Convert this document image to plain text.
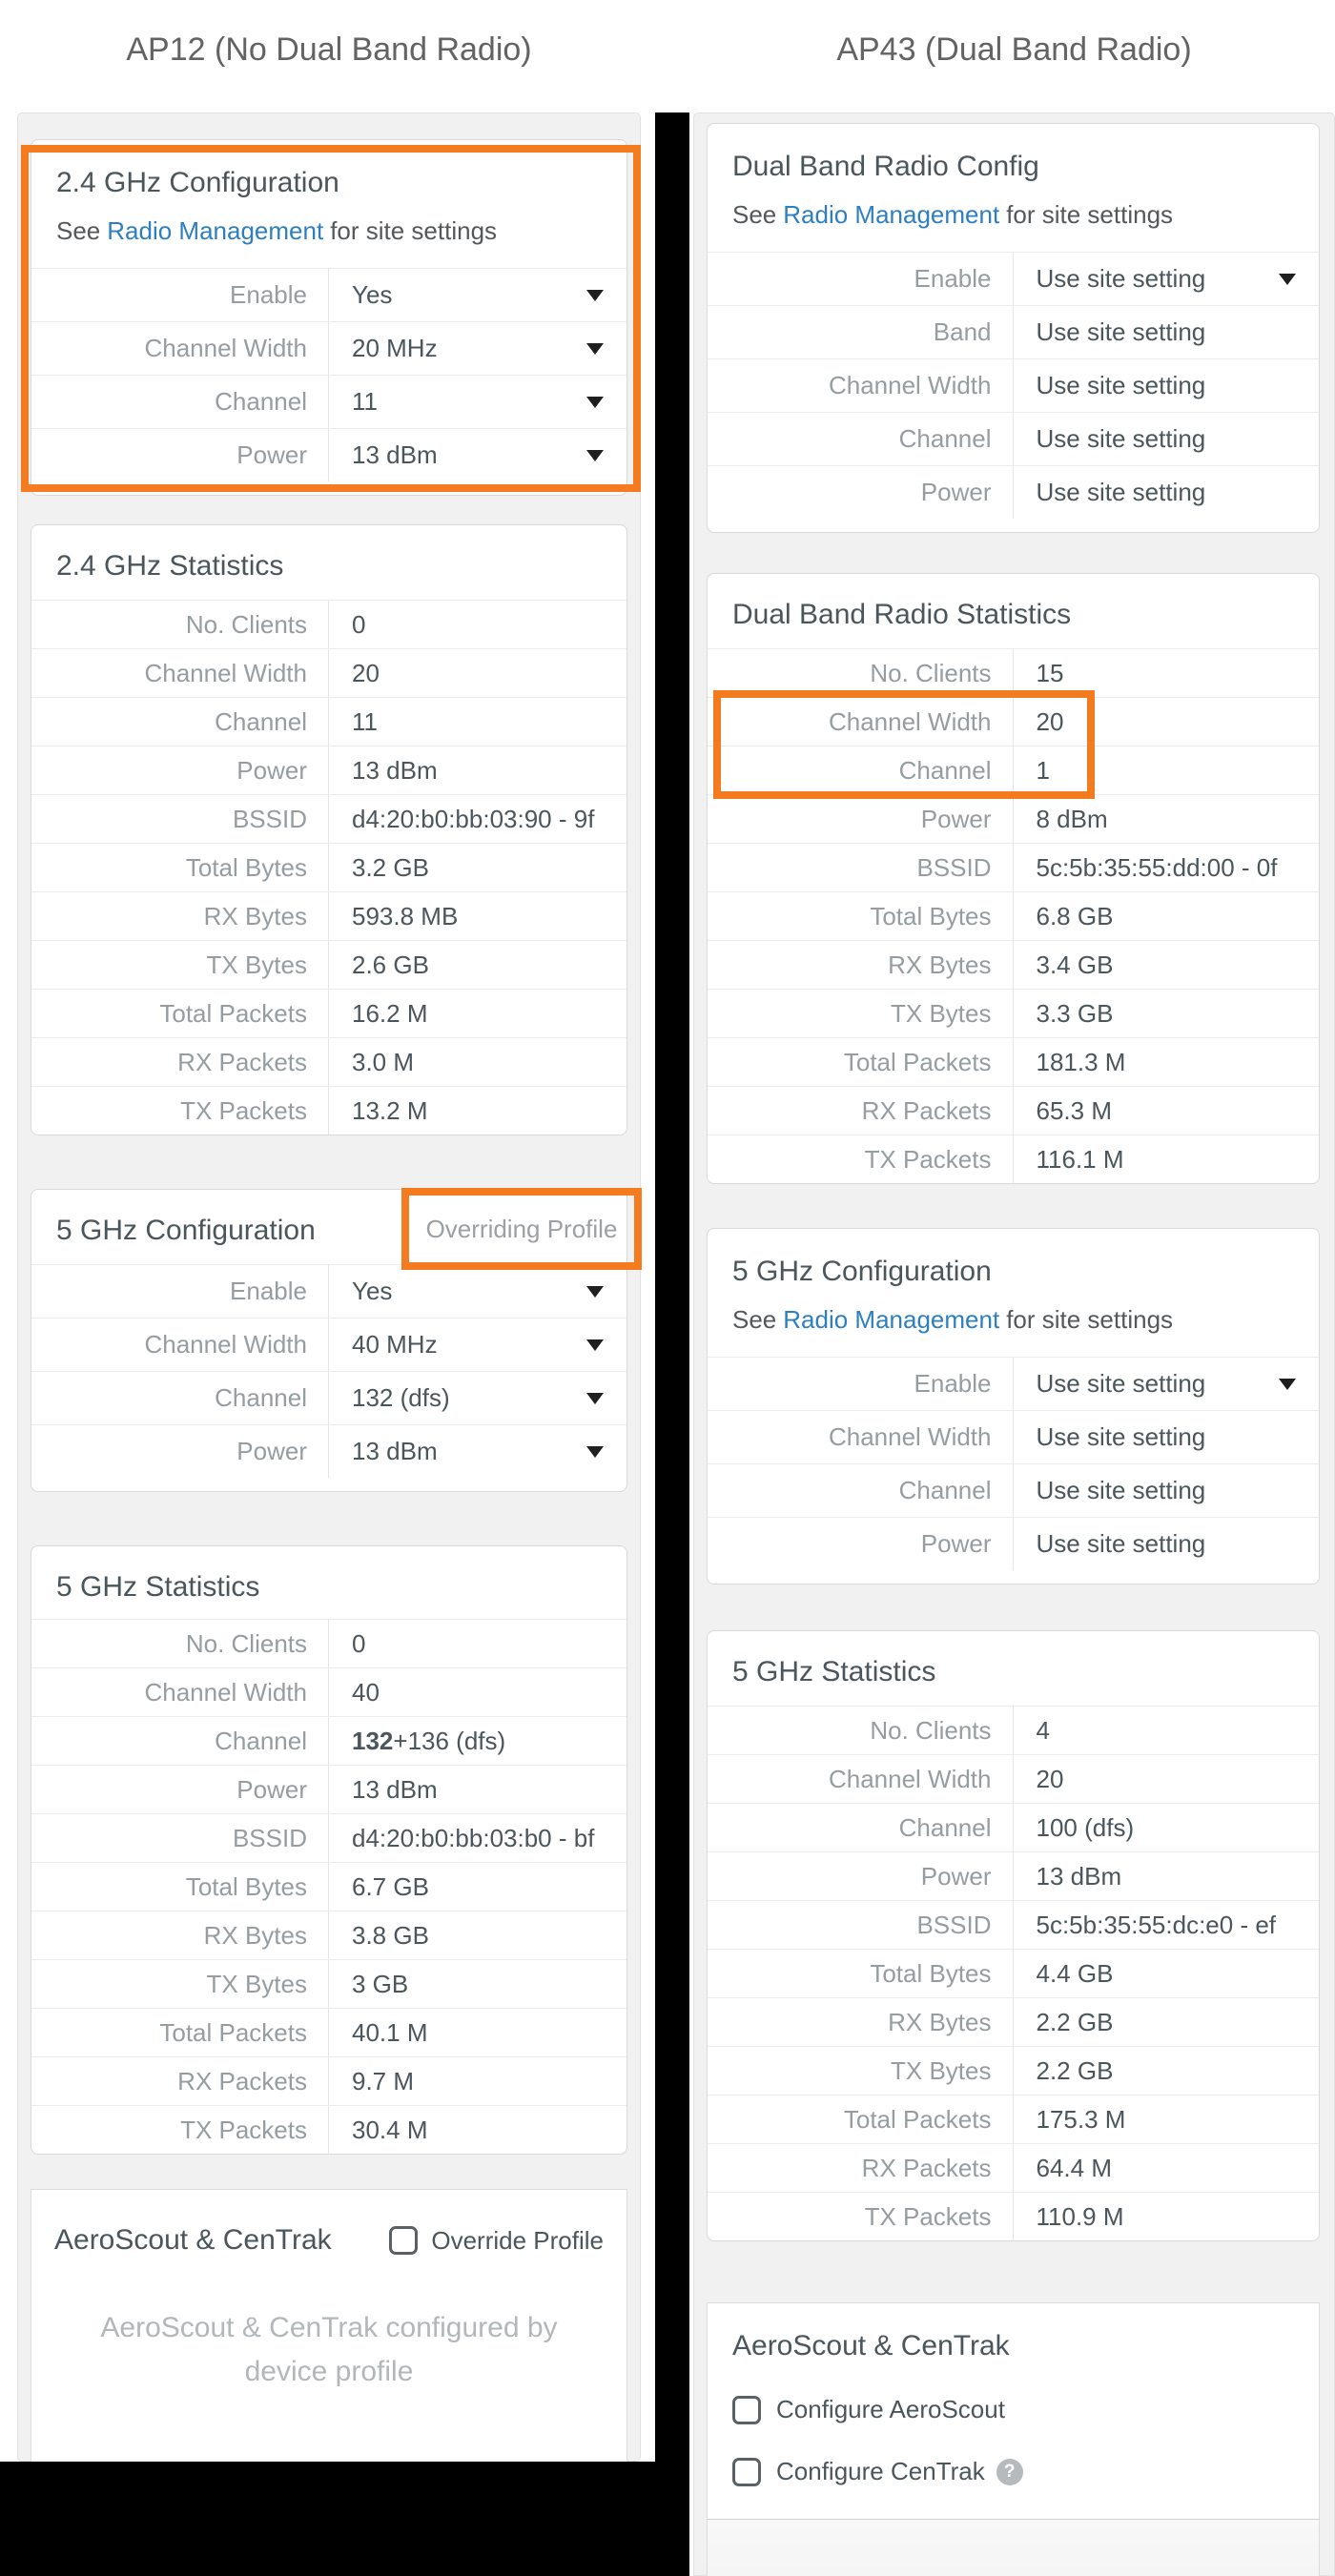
AP12 (No Dual Band Radio)	AP43 (Dual Band Radio)
2.4 GHz Configuration
See Radio Management for site settings
Enable	Yes
Channel Width	20 MHz
Channel	11
Power	13 dBm
2.4 GHz Statistics
No. Clients	0
Channel Width	20
Channel	11
Power	13 dBm
BSSID	d4:20:b0:bb:03:90 - 9f
Total Bytes	3.2 GB
RX Bytes	593.8 MB
TX Bytes	2.6 GB
Total Packets	16.2 M
RX Packets	3.0 M
TX Packets	13.2 M
5 GHz Configuration	Overriding Profile
Enable	Yes
Channel Width	40 MHz
Channel	132 (dfs)
Power	13 dBm
5 GHz Statistics
No. Clients	0
Channel Width	40
Channel	132 +136 (dfs)
Power	13 dBm
BSSID	d4:20:b0:bb:03:b0 - bf
Total Bytes	6.7 GB
RX Bytes	3.8 GB
TX Bytes	3 GB
Total Packets	40.1 M
RX Packets	9.7 M
TX Packets	30.4 M
AeroScout & CenTrak	Override Profile
AeroScout & CenTrak configured by device profile
Dual Band Radio Config
See Radio Management for site settings
Enable	Use site setting
Band	Use site setting
Channel Width	Use site setting
Channel	Use site setting
Power	Use site setting
Dual Band Radio Statistics
No. Clients	15
Channel Width	20
Channel	1
Power	8 dBm
BSSID	5c:5b:35:55:dd:00 - 0f
Total Bytes	6.8 GB
RX Bytes	3.4 GB
TX Bytes	3.3 GB
Total Packets	181.3 M
RX Packets	65.3 M
TX Packets	116.1 M
5 GHz Configuration
See Radio Management for site settings
Enable	Use site setting
Channel Width	Use site setting
Channel	Use site setting
Power	Use site setting
5 GHz Statistics
No. Clients	4
Channel Width	20
Channel	100 (dfs)
Power	13 dBm
BSSID	5c:5b:35:55:dc:e0 - ef
Total Bytes	4.4 GB
RX Bytes	2.2 GB
TX Bytes	2.2 GB
Total Packets	175.3 M
RX Packets	64.4 M
TX Packets	110.9 M
AeroScout & CenTrak
Configure AeroScout
Configure CenTrak	?
